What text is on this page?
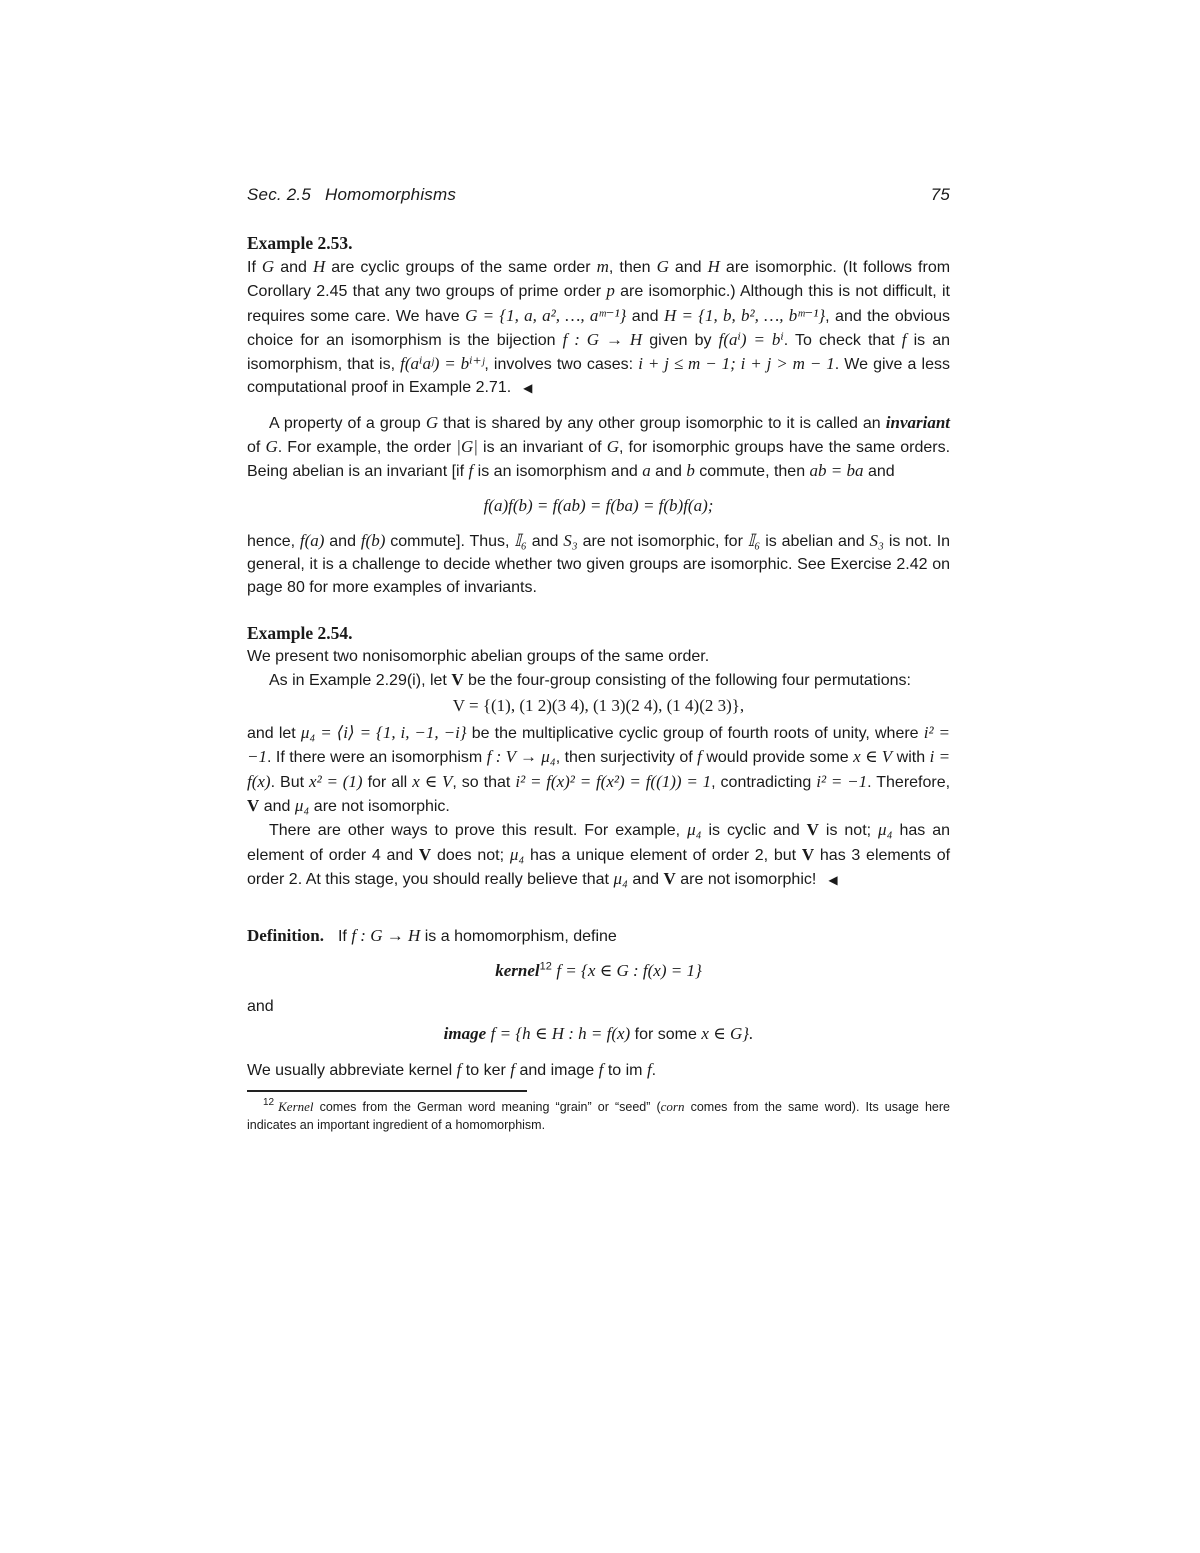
Sec. 2.5 Homomorphisms	75
Example 2.53.

If G and H are cyclic groups of the same order m, then G and H are isomorphic. (It follows from Corollary 2.45 that any two groups of prime order p are isomorphic.) Although this is not difficult, it requires some care. We have G = {1, a, a², …, aᵐ⁻¹} and H = {1, b, b², …, bᵐ⁻¹}, and the obvious choice for an isomorphism is the bijection f : G → H given by f(aⁱ) = bⁱ. To check that f is an isomorphism, that is, f(aⁱaʲ) = bⁱ⁺ʲ, involves two cases: i + j ≤ m − 1; i + j > m − 1. We give a less computational proof in Example 2.71. ◀

A property of a group G that is shared by any other group isomorphic to it is called an invariant of G. For example, the order |G| is an invariant of G, for isomorphic groups have the same orders. Being abelian is an invariant [if f is an isomorphism and a and b commute, then ab = ba and

f(a)f(b) = f(ab) = f(ba) = f(b)f(a);

hence, f(a) and f(b) commute]. Thus, 𝕀₆ and S₃ are not isomorphic, for 𝕀₆ is abelian and S₃ is not. In general, it is a challenge to decide whether two given groups are isomorphic. See Exercise 2.42 on page 80 for more examples of invariants.

Example 2.54.

We present two nonisomorphic abelian groups of the same order.

As in Example 2.29(i), let V be the four-group consisting of the following four permutations:

V = {(1), (1 2)(3 4), (1 3)(2 4), (1 4)(2 3)},

and let μ₄ = ⟨i⟩ = {1, i, −1, −i} be the multiplicative cyclic group of fourth roots of unity, where i² = −1. If there were an isomorphism f : V → μ₄, then surjectivity of f would provide some x ∈ V with i = f(x). But x² = (1) for all x ∈ V, so that i² = f(x)² = f(x²) = f((1)) = 1, contradicting i² = −1. Therefore, V and μ₄ are not isomorphic.

There are other ways to prove this result. For example, μ₄ is cyclic and V is not; μ₄ has an element of order 4 and V does not; μ₄ has a unique element of order 2, but V has 3 elements of order 2. At this stage, you should really believe that μ₄ and V are not isomorphic! ◀

Definition. If f : G → H is a homomorphism, define

kernel$^{12}$ f = {x ∈ G : f(x) = 1}

and

image f = {h ∈ H : h = f(x) for some x ∈ G}.

We usually abbreviate kernel f to ker f and image f to im f.

$^{12}$ Kernel comes from the German word meaning “grain” or “seed” (corn comes from the same word). Its usage here indicates an important ingredient of a homomorphism.
